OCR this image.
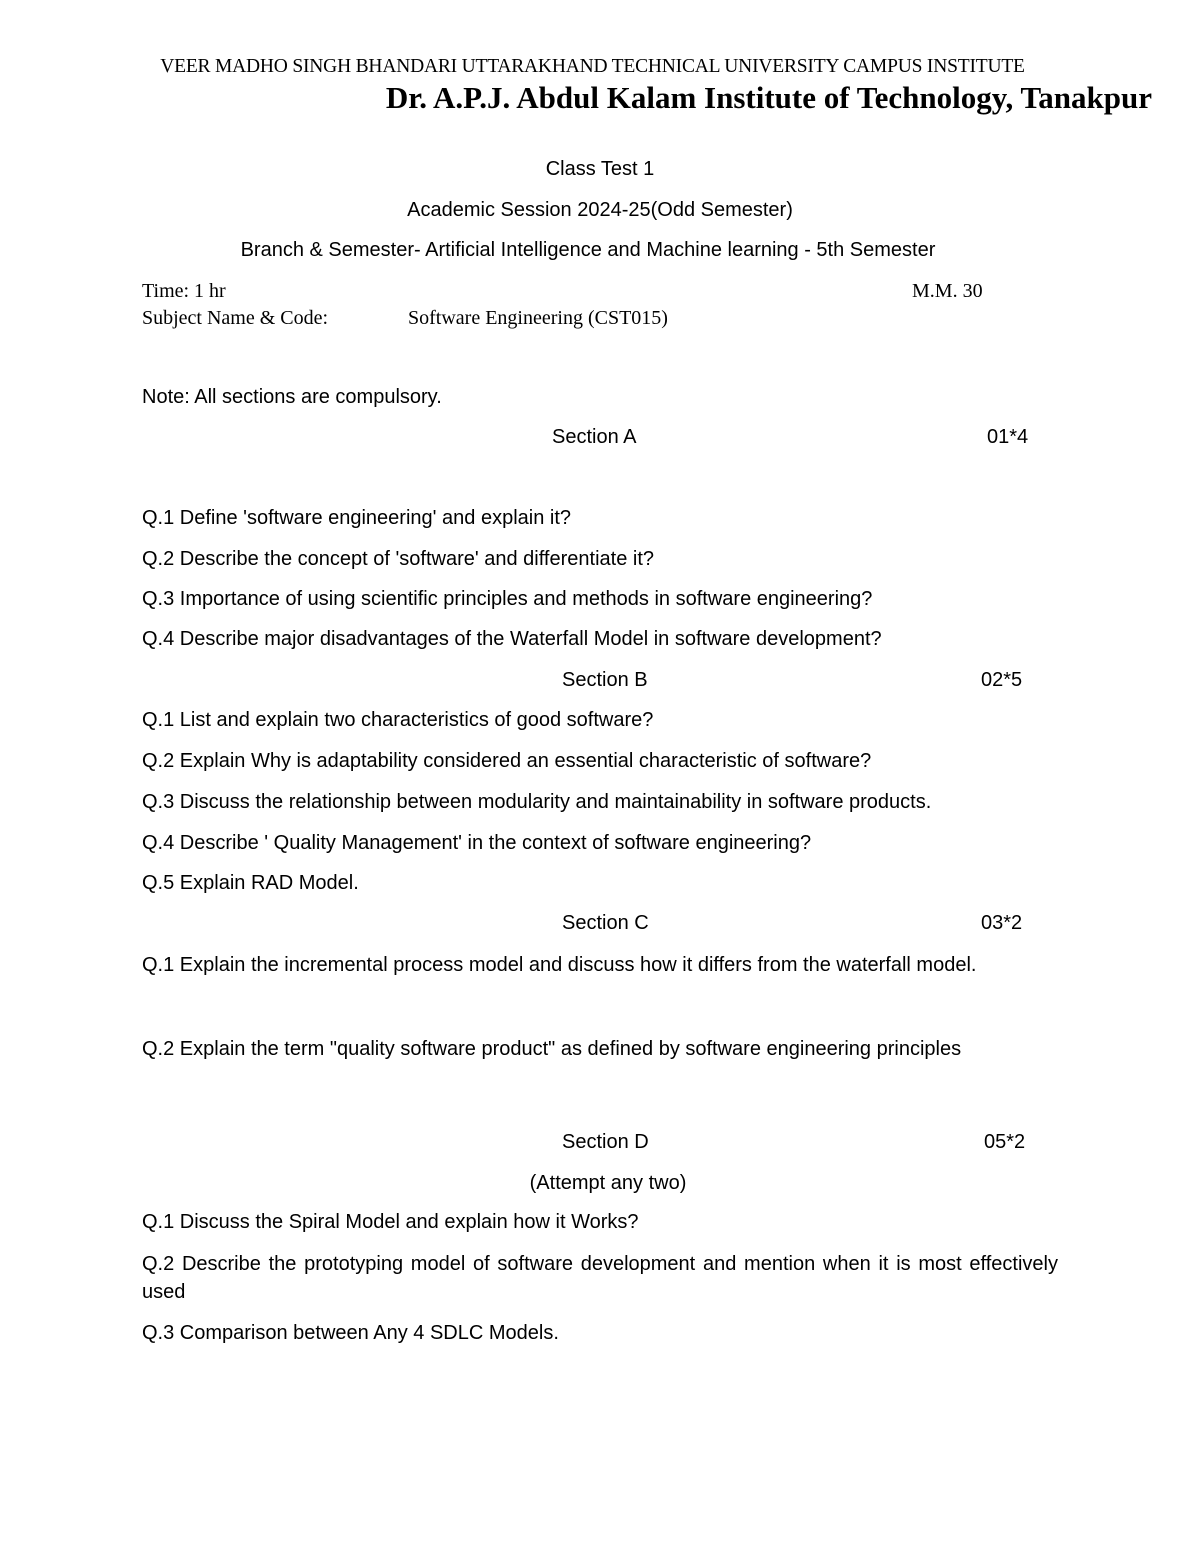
VEER MADHO SINGH BHANDARI UTTARAKHAND TECHNICAL UNIVERSITY CAMPUS INSTITUTE
Dr. A.P.J. Abdul Kalam Institute of Technology, Tanakpur
Class Test 1
Academic Session 2024-25(Odd Semester)
Branch & Semester- Artificial Intelligence and Machine learning - 5th Semester
Time: 1 hr	M.M. 30
Subject Name & Code:	Software Engineering (CST015)
Note: All sections are compulsory.
Section A	01*4
Q.1 Define 'software engineering' and explain it?
Q.2 Describe the concept of 'software' and differentiate it?
Q.3 Importance of using scientific principles and methods in software engineering?
Q.4 Describe major disadvantages of the Waterfall Model in software development?
Section B	02*5
Q.1 List and explain two characteristics of good software?
Q.2 Explain Why is adaptability considered an essential characteristic of software?
Q.3 Discuss the relationship between modularity and maintainability in software products.
Q.4 Describe ' Quality Management' in the context of software engineering?
Q.5 Explain RAD Model.
Section C	03*2
Q.1 Explain the incremental process model and discuss how it differs from the waterfall model.
Q.2 Explain the term "quality software product" as defined by software engineering principles
Section D	05*2
(Attempt any two)
Q.1 Discuss the Spiral Model and explain how it Works?
Q.2 Describe the prototyping model of software development and mention when it is most effectively used
Q.3 Comparison between Any 4 SDLC Models.
